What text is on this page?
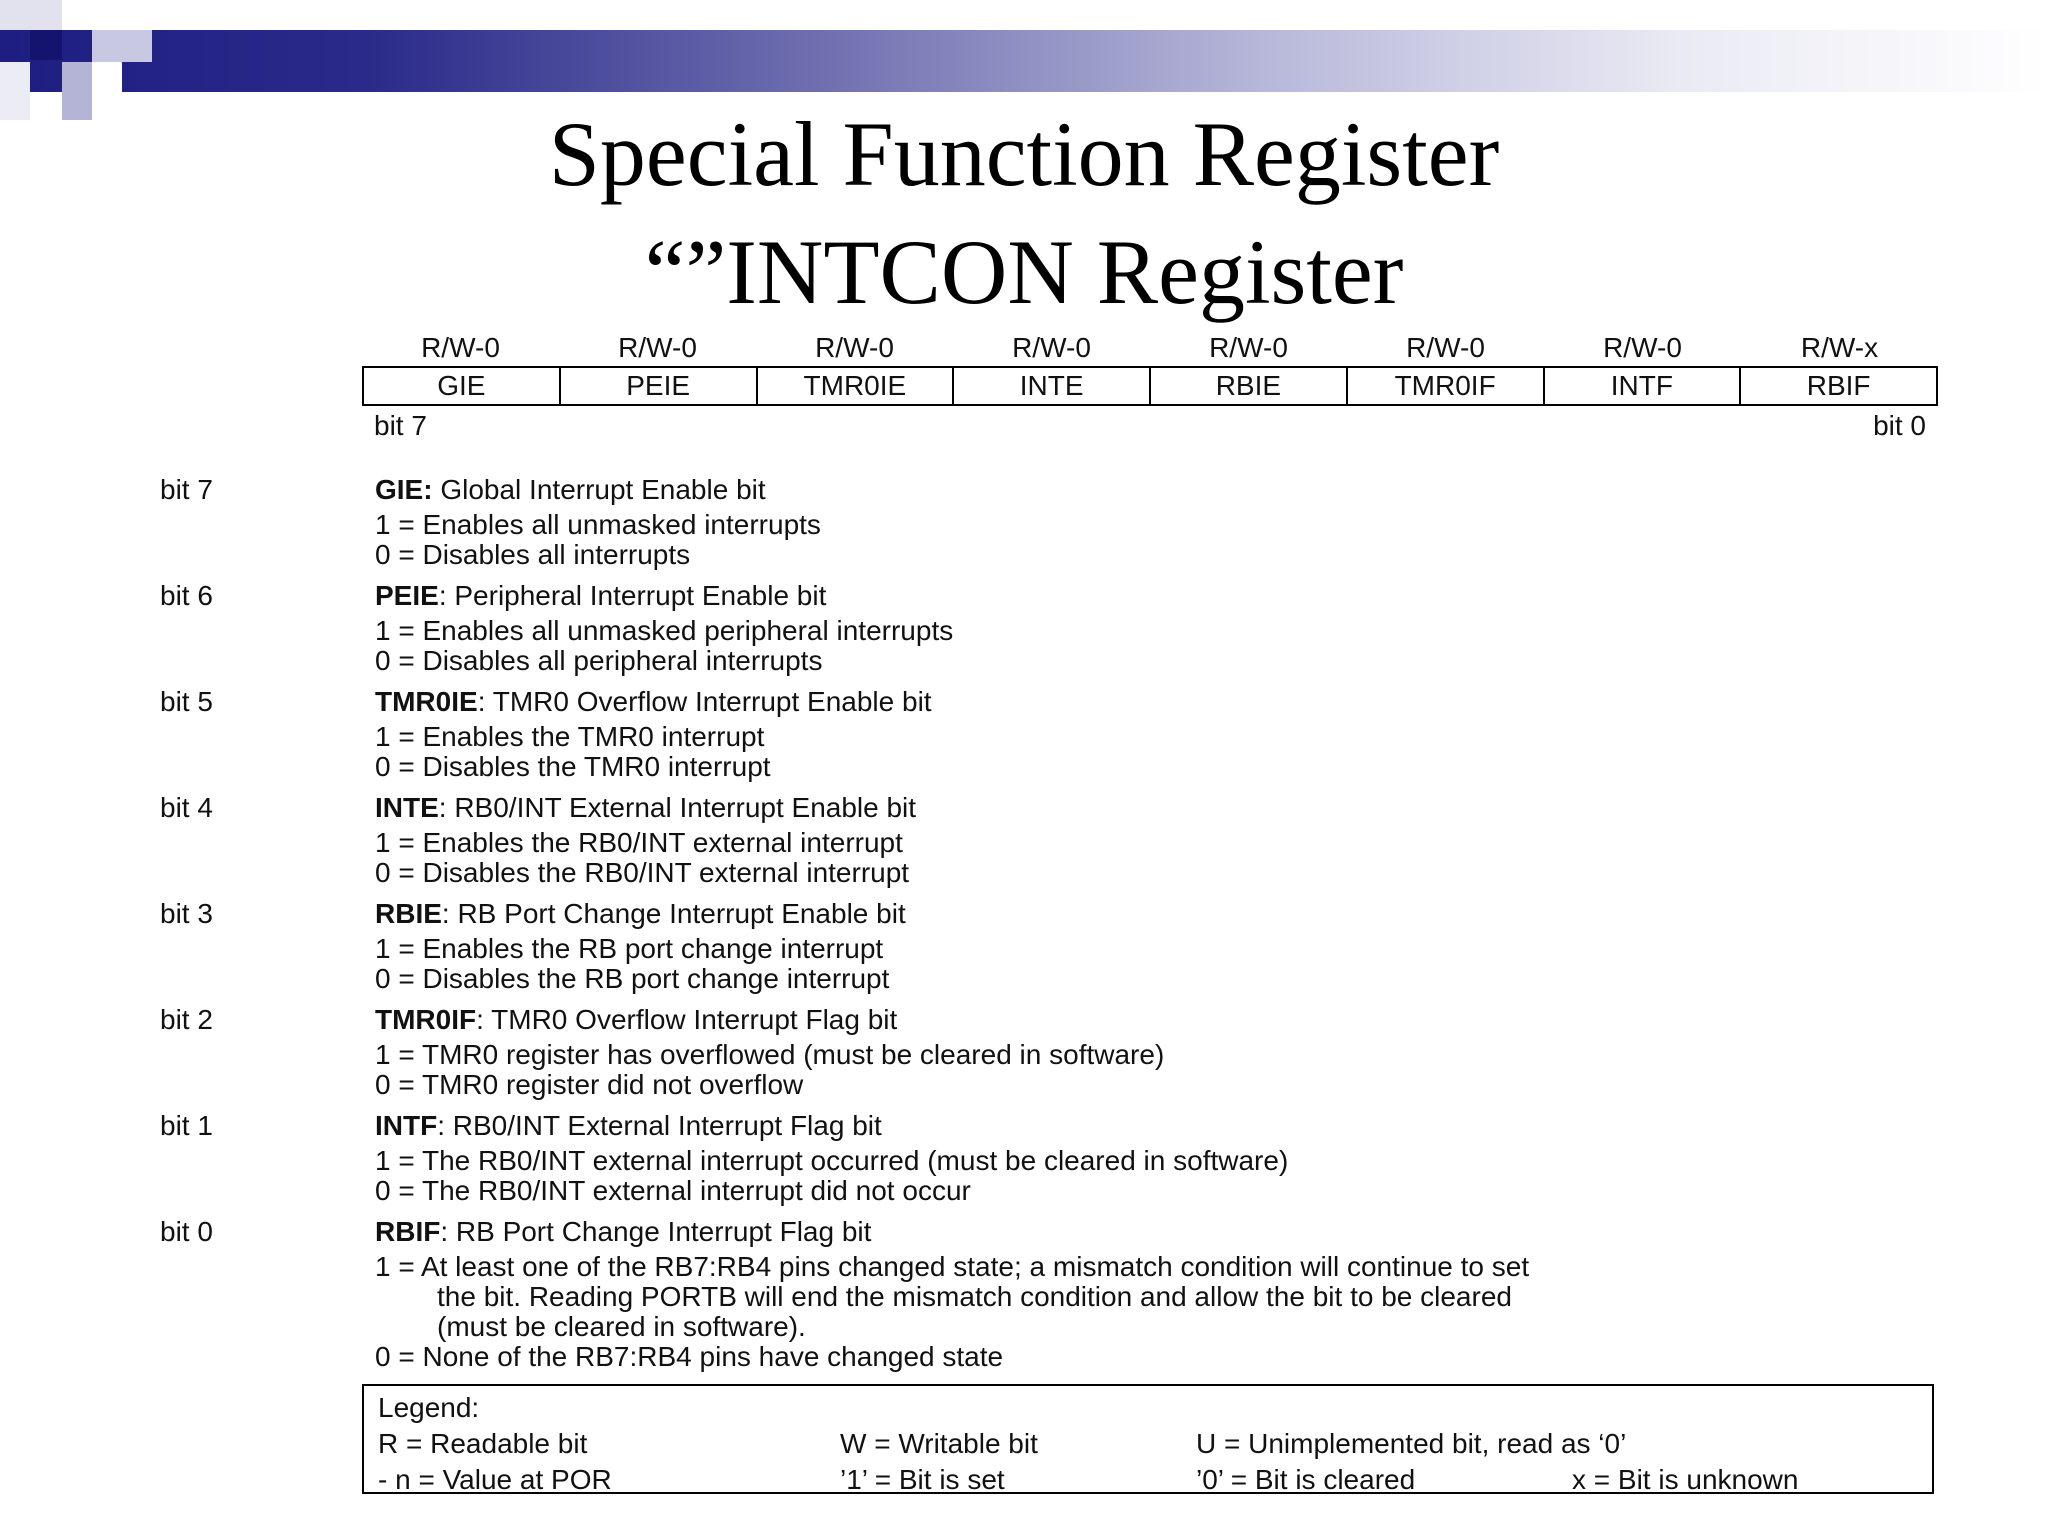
Special Function Register
“”INTCON Register
R/W-0	R/W-0	R/W-0	R/W-0	R/W-0	R/W-0	R/W-0	R/W-x
GIE	PEIE	TMR0IE	INTE	RBIE	TMR0IF	INTF	RBIF
bit 7	bit 0
bit 7	GIE: Global Interrupt Enable bit
1 = Enables all unmasked interrupts
0 = Disables all interrupts
bit 6	PEIE: Peripheral Interrupt Enable bit
1 = Enables all unmasked peripheral interrupts
0 = Disables all peripheral interrupts
bit 5	TMR0IE: TMR0 Overflow Interrupt Enable bit
1 = Enables the TMR0 interrupt
0 = Disables the TMR0 interrupt
bit 4	INTE: RB0/INT External Interrupt Enable bit
1 = Enables the RB0/INT external interrupt
0 = Disables the RB0/INT external interrupt
bit 3	RBIE: RB Port Change Interrupt Enable bit
1 = Enables the RB port change interrupt
0 = Disables the RB port change interrupt
bit 2	TMR0IF: TMR0 Overflow Interrupt Flag bit
1 = TMR0 register has overflowed (must be cleared in software)
0 = TMR0 register did not overflow
bit 1	INTF: RB0/INT External Interrupt Flag bit
1 = The RB0/INT external interrupt occurred (must be cleared in software)
0 = The RB0/INT external interrupt did not occur
bit 0	RBIF: RB Port Change Interrupt Flag bit
1 = At least one of the RB7:RB4 pins changed state; a mismatch condition will continue to set
the bit. Reading PORTB will end the mismatch condition and allow the bit to be cleared
(must be cleared in software).
0 = None of the RB7:RB4 pins have changed state
Legend:
R = Readable bit	W = Writable bit	U = Unimplemented bit, read as ‘0’
- n = Value at POR	’1’ = Bit is set	’0’ = Bit is cleared	x = Bit is unknown
